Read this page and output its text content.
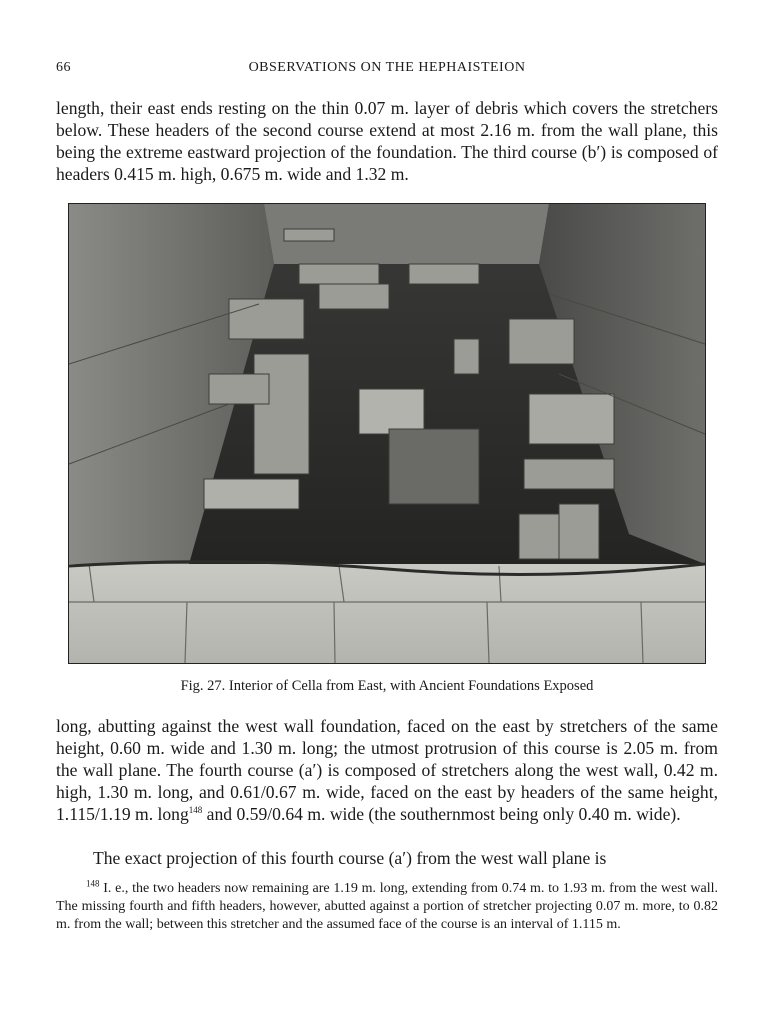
66	OBSERVATIONS ON THE HEPHAISTEION

length, their east ends resting on the thin 0.07 m. layer of debris which covers the stretchers below. These headers of the second course extend at most 2.16 m. from the wall plane, this being the extreme eastward projection of the foundation. The third course (b′) is composed of headers 0.415 m. high, 0.675 m. wide and 1.32 m.

Fig. 27. Interior of Cella from East, with Ancient Foundations Exposed

long, abutting against the west wall foundation, faced on the east by stretchers of the same height, 0.60 m. wide and 1.30 m. long; the utmost protrusion of this course is 2.05 m. from the wall plane. The fourth course (a′) is composed of stretchers along the west wall, 0.42 m. high, 1.30 m. long, and 0.61/0.67 m. wide, faced on the east by headers of the same height, 1.115/1.19 m. long$^{148}$ and 0.59/0.64 m. wide (the southernmost being only 0.40 m. wide).

The exact projection of this fourth course (a′) from the west wall plane is

$^{148}$ I. e., the two headers now remaining are 1.19 m. long, extending from 0.74 m. to 1.93 m. from the west wall. The missing fourth and fifth headers, however, abutted against a portion of stretcher projecting 0.07 m. more, to 0.82 m. from the wall; between this stretcher and the assumed face of the course is an interval of 1.115 m.
